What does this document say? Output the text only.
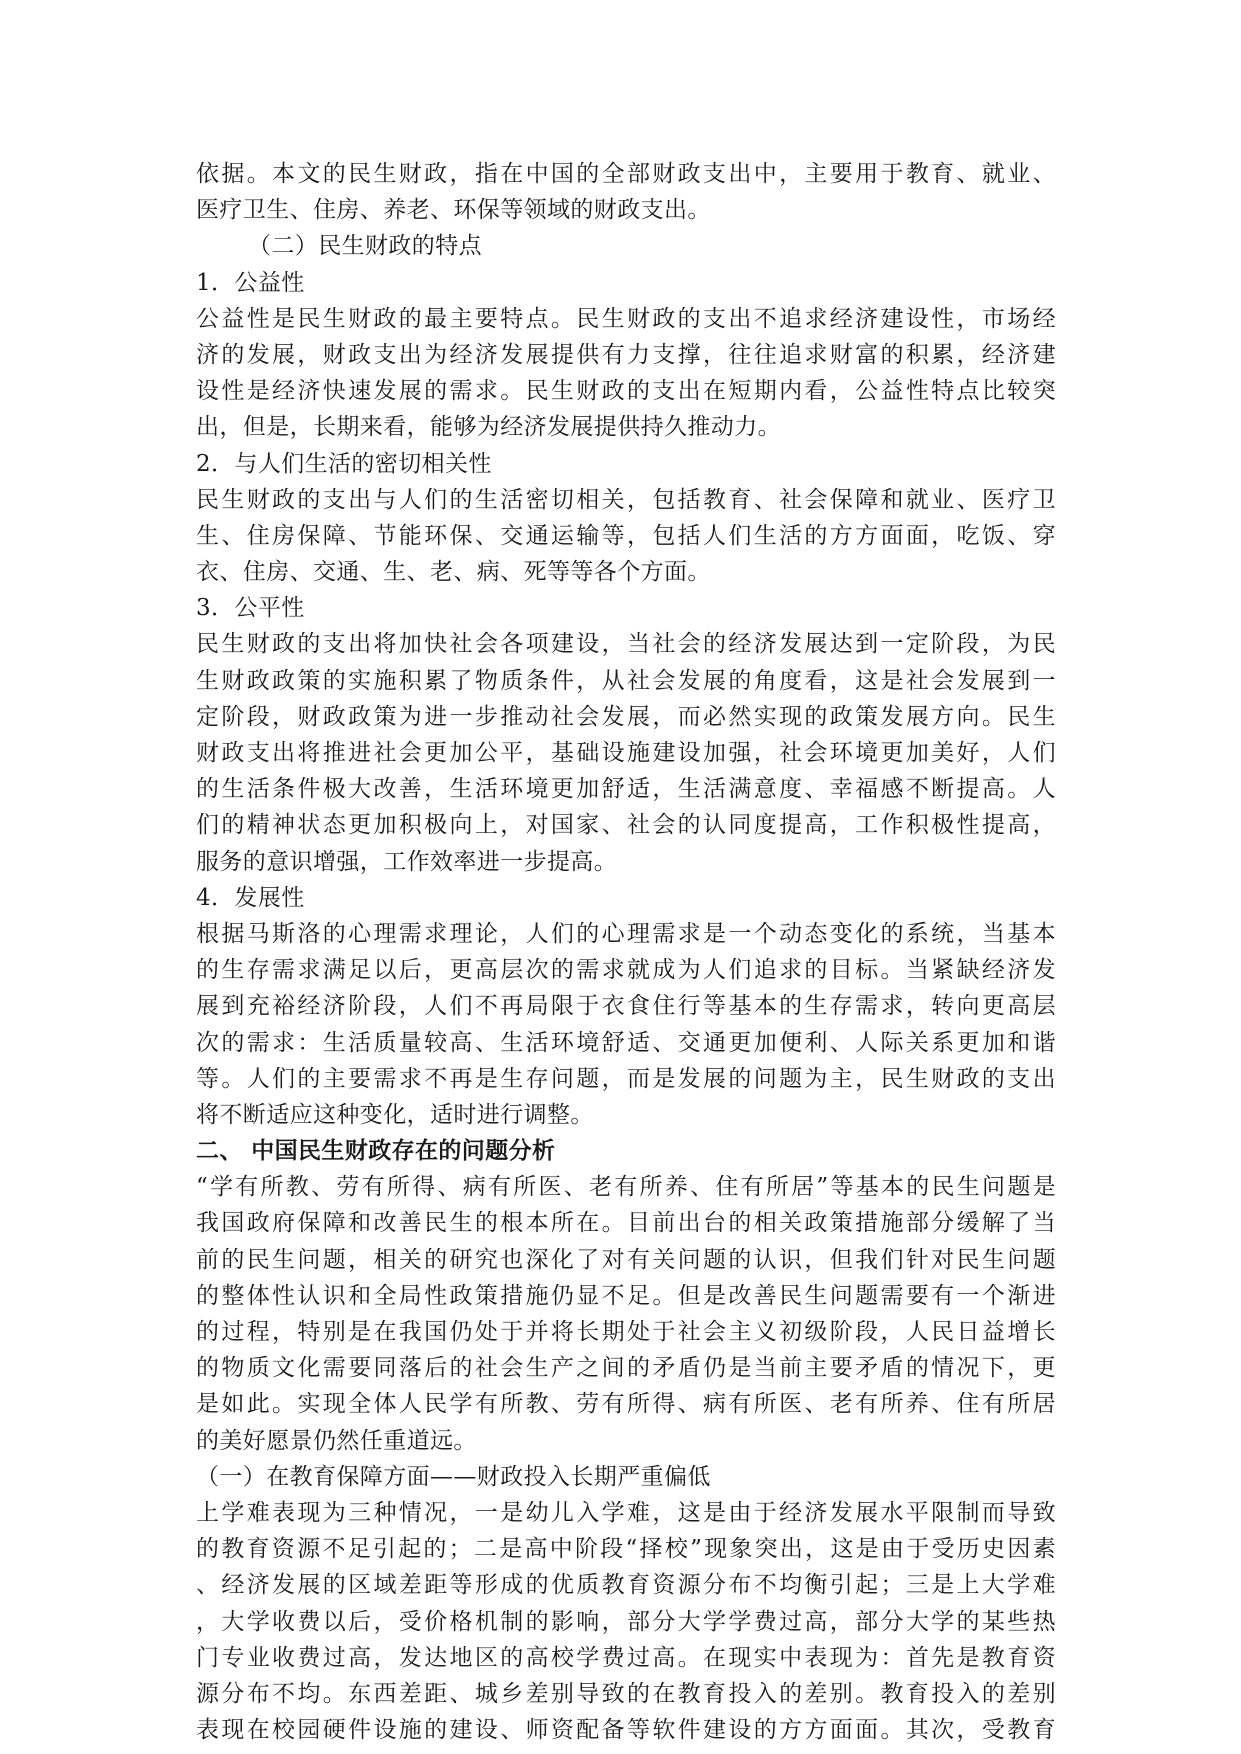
依据。本文的民生财政，指在中国的全部财政支出中，主要用于教育、就业、
医疗卫生、住房、养老、环保等领域的财政支出。
（二）民生财政的特点
1．公益性
公益性是民生财政的最主要特点。民生财政的支出不追求经济建设性，市场经
济的发展，财政支出为经济发展提供有力支撑，往往追求财富的积累，经济建
设性是经济快速发展的需求。民生财政的支出在短期内看，公益性特点比较突
出，但是，长期来看，能够为经济发展提供持久推动力。
2．与人们生活的密切相关性
民生财政的支出与人们的生活密切相关，包括教育、社会保障和就业、医疗卫
生、住房保障、节能环保、交通运输等，包括人们生活的方方面面，吃饭、穿
衣、住房、交通、生、老、病、死等等各个方面。
3．公平性
民生财政的支出将加快社会各项建设，当社会的经济发展达到一定阶段，为民
生财政政策的实施积累了物质条件，从社会发展的角度看，这是社会发展到一
定阶段，财政政策为进一步推动社会发展，而必然实现的政策发展方向。民生
财政支出将推进社会更加公平，基础设施建设加强，社会环境更加美好，人们
的生活条件极大改善，生活环境更加舒适，生活满意度、幸福感不断提高。人
们的精神状态更加积极向上，对国家、社会的认同度提高，工作积极性提高，
服务的意识增强，工作效率进一步提高。
4．发展性
根据马斯洛的心理需求理论，人们的心理需求是一个动态变化的系统，当基本
的生存需求满足以后，更高层次的需求就成为人们追求的目标。当紧缺经济发
展到充裕经济阶段，人们不再局限于衣食住行等基本的生存需求，转向更高层
次的需求：生活质量较高、生活环境舒适、交通更加便利、人际关系更加和谐
等。人们的主要需求不再是生存问题，而是发展的问题为主，民生财政的支出
将不断适应这种变化，适时进行调整。
二、 中国民生财政存在的问题分析
“学有所教、劳有所得、病有所医、老有所养、住有所居”等基本的民生问题是
我国政府保障和改善民生的根本所在。目前出台的相关政策措施部分缓解了当
前的民生问题，相关的研究也深化了对有关问题的认识，但我们针对民生问题
的整体性认识和全局性政策措施仍显不足。但是改善民生问题需要有一个渐进
的过程，特别是在我国仍处于并将长期处于社会主义初级阶段，人民日益增长
的物质文化需要同落后的社会生产之间的矛盾仍是当前主要矛盾的情况下，更
是如此。实现全体人民学有所教、劳有所得、病有所医、老有所养、住有所居
的美好愿景仍然任重道远。
（一）在教育保障方面——财政投入长期严重偏低
上学难表现为三种情况，一是幼儿入学难，这是由于经济发展水平限制而导致
的教育资源不足引起的；二是高中阶段“择校”现象突出，这是由于受历史因素
、经济发展的区域差距等形成的优质教育资源分布不均衡引起；三是上大学难
，大学收费以后，受价格机制的影响，部分大学学费过高，部分大学的某些热
门专业收费过高，发达地区的高校学费过高。在现实中表现为：首先是教育资
源分布不均。东西差距、城乡差别导致的在教育投入的差别。教育投入的差别
表现在校园硬件设施的建设、师资配备等软件建设的方方面面。其次，受教育
